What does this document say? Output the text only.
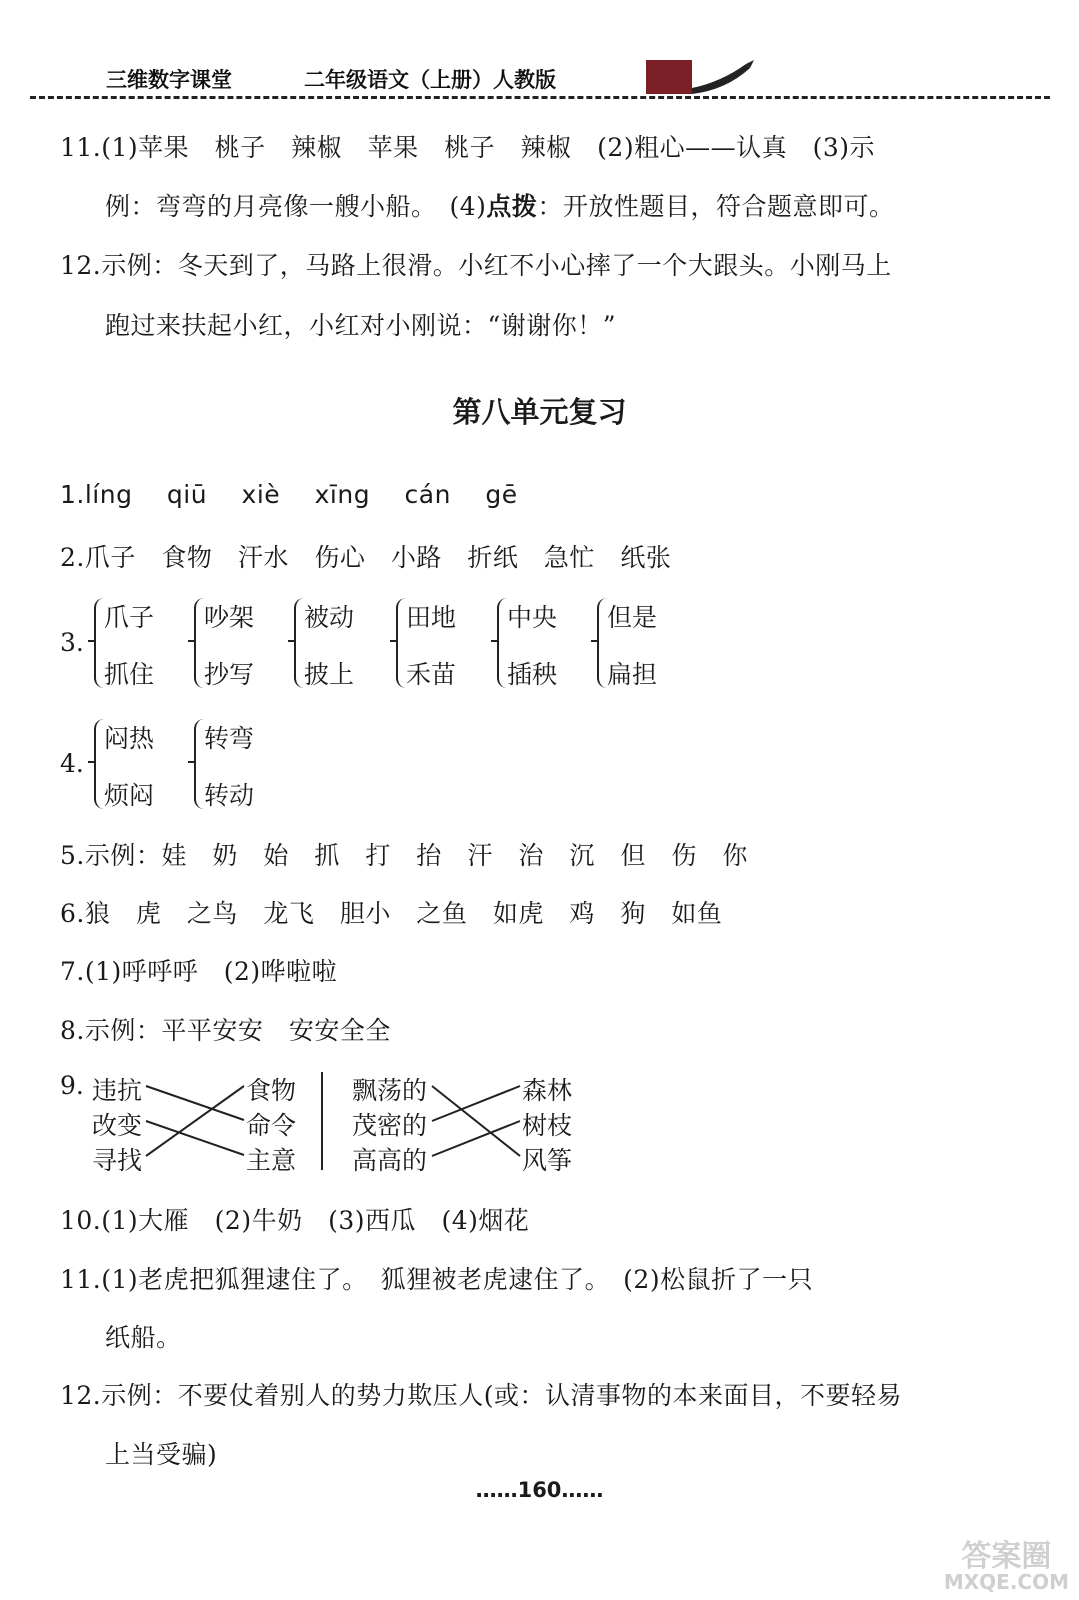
三维数字课堂	二年级语文（上册）人教版
11.(1)苹果　桃子　辣椒　苹果　桃子　辣椒　(2)粗心——认真　(3)示
例：弯弯的月亮像一艘小船。　(4)点拨：开放性题目，符合题意即可。
12.示例：冬天到了，马路上很滑。小红不小心摔了一个大跟头。小刚马上
跑过来扶起小红，小红对小刚说：“谢谢你！”
第八单元复习
1.líng qiū xiè xīng cán gē
2.爪子　食物　汗水　伤心　小路　折纸　急忙　纸张
3.
爪子
抓住
吵架
抄写
被动
披上
田地
禾苗
中央
插秧
但是
扁担
4.
闷热
烦闷
转弯
转动
5.示例：娃　奶　始　抓　打　抬　汗　治　沉　但　伤　你
6.狼　虎　之鸟　龙飞　胆小　之鱼　如虎　鸡　狗　如鱼
7.(1)呼呼呼　(2)哗啦啦
8.示例：平平安安　安安全全
9. 违抗
改变
寻找
食物
命令
主意
飘荡的
茂密的
高高的
森林
树枝
风筝
10.(1)大雁　(2)牛奶　(3)西瓜　(4)烟花
11.(1)老虎把狐狸逮住了。　狐狸被老虎逮住了。　(2)松鼠折了一只
纸船。
12.示例：不要仗着别人的势力欺压人(或：认清事物的本来面目，不要轻易
上当受骗)
……160……
答案圈
MXQE.COM
